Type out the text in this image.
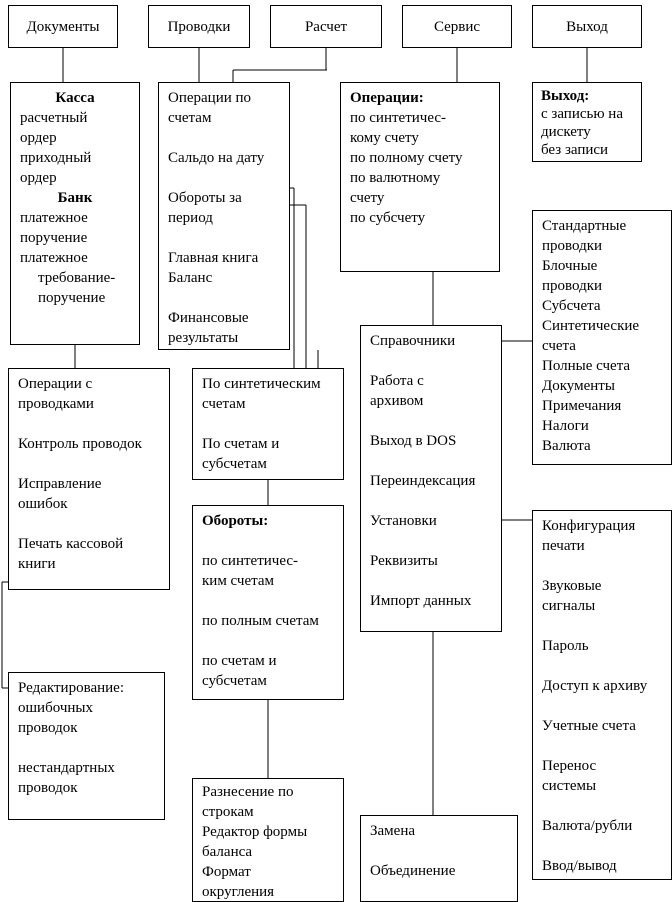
Документы	Проводки	Расчет	Сервис	Выход
Касса
расчетный
ордер
приходный
ордер
Банк
платежное
поручение
платежное
требование-
поручение
Операции по
счетам

Сальдо на дату

Обороты за
период

Главная книга
Баланс

Финансовые
результаты
Операции:
по синтетичес-
кому счету
по полному счету
по валютному
счету
по субсчету
Выход:
с записью на
дискету
без записи
Стандартные
проводки
Блочные
проводки
Субсчета
Синтетические
счета
Полные счета
Документы
Примечания
Налоги
Валюта
Операции с
проводками

Контроль проводок

Исправление
ошибок

Печать кассовой
книги
По синтетическим
счетам

По счетам и
субсчетам
Справочники

Работа с
архивом

Выход в DOS

Переиндексация

Установки

Реквизиты

Импорт данных
Обороты:

по синтетичес-
ким счетам

по полным счетам

по счетам и
субсчетам
Конфигурация
печати

Звуковые
сигналы

Пароль

Доступ к архиву

Учетные счета

Перенос
системы

Валюта/рубли

Ввод/вывод
Редактирование:
ошибочных
проводок

нестандартных
проводок	Разнесение по
строкам
Редактор формы
баланса
Формат
округления
Замена

Объединение
